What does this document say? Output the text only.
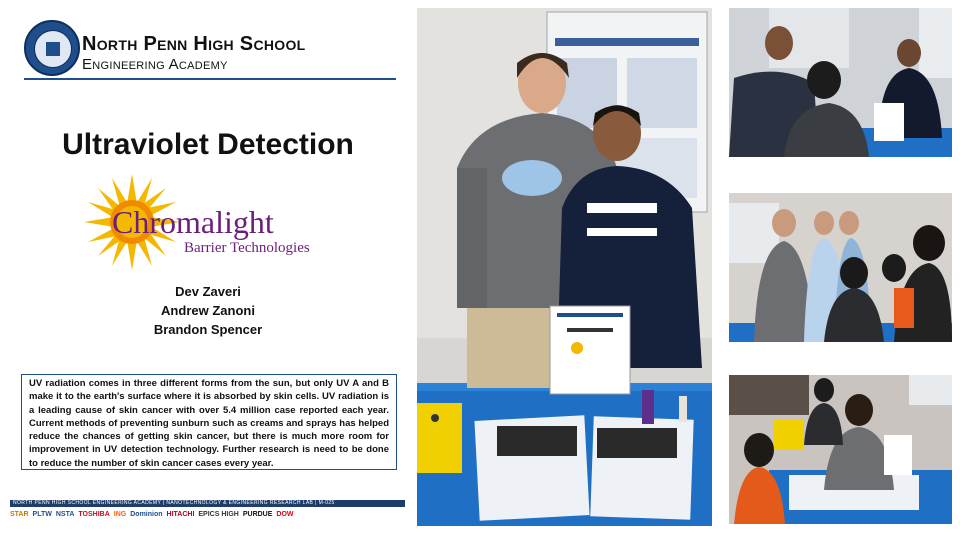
North Penn High School
Engineering Academy
Ultraviolet Detection
Chromalight
Barrier Technologies
Dev Zaveri
Andrew Zanoni
Brandon Spencer
UV radiation comes in three different forms from the sun, but only UV A and B make it to the earth's surface where it is absorbed by skin cells. UV radiation is a leading cause of skin cancer with over 5.4 million case reported each year. Current methods of preventing sunburn such as creams and sprays has helped reduce the chances of getting skin cancer, but there is much more room for improvement in UV detection technology. Further research is need to be done to reduce the number of skin cancer cases every year.
NORTH PENN HIGH SCHOOL ENGINEERING ACADEMY | NANOTECHNOLOGY & ENGINEERING RESEARCH LAB | M-025
STAR PLTW NSTA TOSHIBA ING Dominion HITACHI EPICS HIGH PURDUE DOW
